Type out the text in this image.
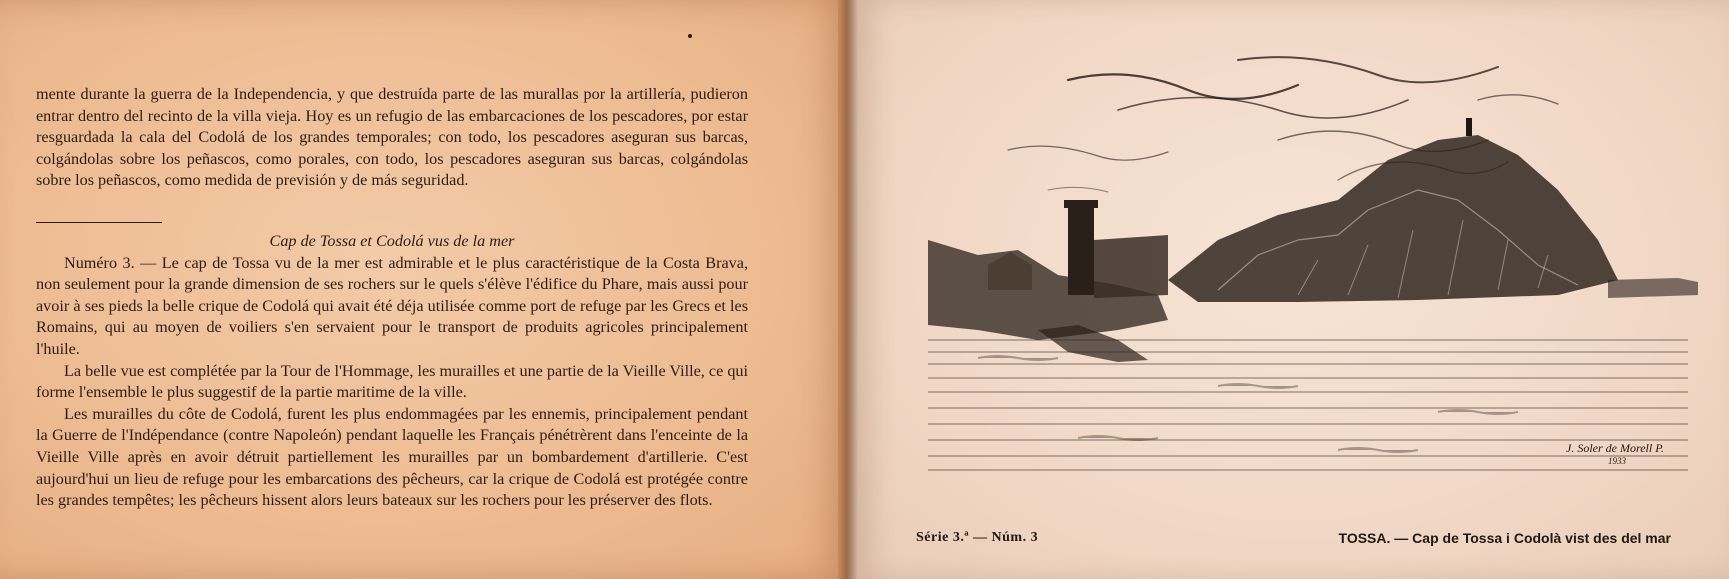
mente durante la guerra de la Independencia, y que destruída parte de las murallas por la artillería, pudieron entrar dentro del recinto de la villa vieja. Hoy es un refugio de las embarcaciones de los pescadores, por estar resguardada la cala del Codolá de los grandes temporales; con todo, los pescadores aseguran sus barcas, colgándolas sobre los peñascos, como porales, con todo, los pescadores aseguran sus barcas, colgándolas sobre los peñascos, como medida de previsión y de más seguridad.

Cap de Tossa et Codolá vus de la mer

Numéro 3. — Le cap de Tossa vu de la mer est admirable et le plus caractéristique de la Costa Brava, non seulement pour la grande dimension de ses rochers sur le quels s'élève l'édifice du Phare, mais aussi pour avoir à ses pieds la belle crique de Codolá qui avait été déja utilisée comme port de refuge par les Grecs et les Romains, qui au moyen de voiliers s'en servaient pour le transport de produits agricoles principalement l'huile.

La belle vue est complétée par la Tour de l'Hommage, les murailles et une partie de la Vieille Ville, ce qui forme l'ensemble le plus suggestif de la partie maritime de la ville.

Les murailles du côte de Codolá, furent les plus endommagées par les ennemis, principalement pendant la Guerre de l'Indépendance (contre Napoleón) pendant laquelle les Français pénétrèrent dans l'enceinte de la Vieille Ville après en avoir détruit partiellement les murailles par un bombardement d'artillerie. C'est aujourd'hui un lieu de refuge pour les embarcations des pêcheurs, car la crique de Codolá est protégée contre les grandes tempêtes; les pêcheurs hissent alors leurs bateaux sur les rochers pour les préserver des flots.

J. Soler de Morell P.
1933
Série 3.ª — Núm. 3	TOSSA. — Cap de Tossa i Codolà vist des del mar
